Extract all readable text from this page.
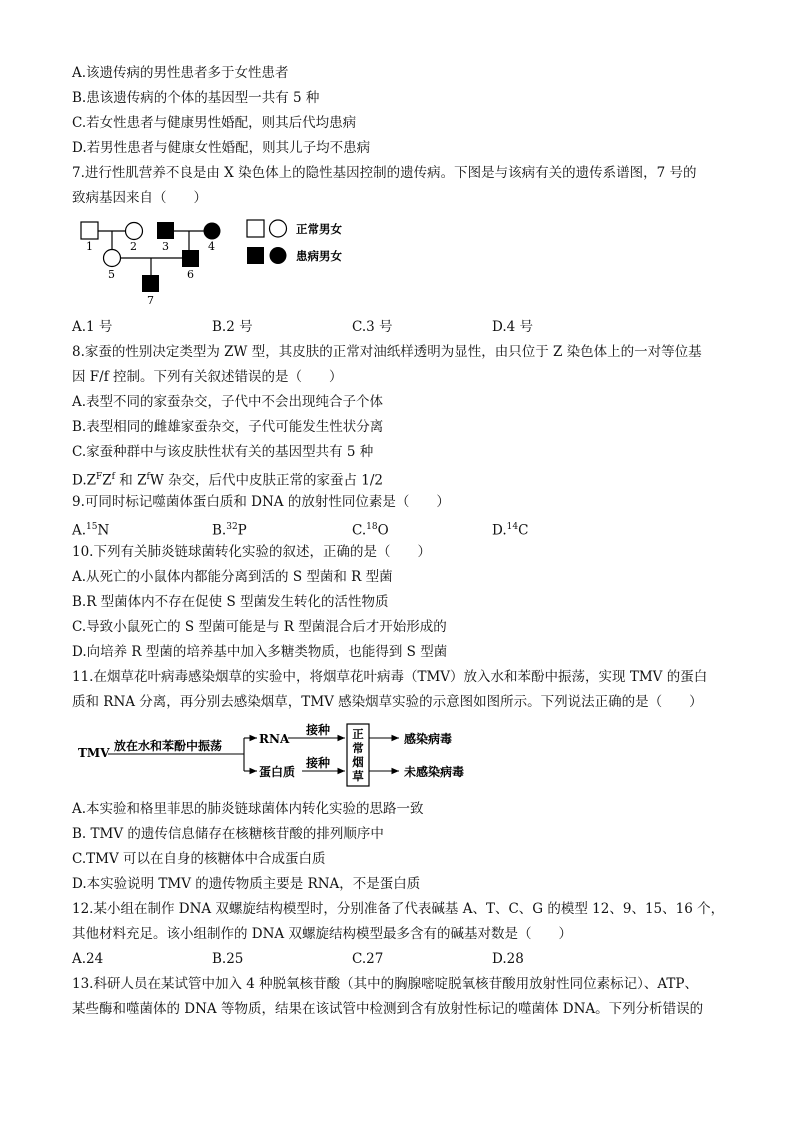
A.该遗传病的男性患者多于女性患者
B.患该遗传病的个体的基因型一共有 5 种
C.若女性患者与健康男性婚配，则其后代均患病
D.若男性患者与健康女性婚配，则其儿子均不患病
7.进行性肌营养不良是由 X 染色体上的隐性基因控制的遗传病。下图是与该病有关的遗传系谱图，7 号的
致病基因来自（　　）
1	2 3	4
5	6
7
正常男女
患病男女
A.1 号	B.2 号	C.3 号	D.4 号
8.家蚕的性别决定类型为 ZW 型，其皮肤的正常对油纸样透明为显性，由只位于 Z 染色体上的一对等位基
因 F/f 控制。下列有关叙述错误的是（　　）
A.表型不同的家蚕杂交，子代中不会出现纯合子个体
B.表型相同的雌雄家蚕杂交，子代可能发生性状分离
C.家蚕种群中与该皮肤性状有关的基因型共有 5 种
$D.Z^FZ^f$ 和 $Z^fW$ 杂交，后代中皮肤正常的家蚕占 1/2
9.可同时标记噬菌体蛋白质和 DNA 的放射性同位素是（　　）
A.$^{15}$N	B.$^{32}$P	C.$^{18}$O	D.$^{14}$C
10.下列有关肺炎链球菌转化实验的叙述，正确的是（　　）
A.从死亡的小鼠体内都能分离到活的 S 型菌和 R 型菌
B.R 型菌体内不存在促使 S 型菌发生转化的活性物质
C.导致小鼠死亡的 S 型菌可能是与 R 型菌混合后才开始形成的
D.向培养 R 型菌的培养基中加入多糖类物质，也能得到 S 型菌
11.在烟草花叶病毒感染烟草的实验中，将烟草花叶病毒（TMV）放入水和苯酚中振荡，实现 TMV 的蛋白
质和 RNA 分离，再分别去感染烟草，TMV 感染烟草实验的示意图如图所示。下列说法正确的是（　　）
TMV 放在水和苯酚中振荡	RNA
蛋白质
接种
接种
感染病毒
未感染病毒
正
常
烟
草
A.本实验和格里菲思的肺炎链球菌体内转化实验的思路一致
B. TMV 的遗传信息储存在核糖核苷酸的排列顺序中
C.TMV 可以在自身的核糖体中合成蛋白质
D.本实验说明 TMV 的遗传物质主要是 RNA，不是蛋白质
12.某小组在制作 DNA 双螺旋结构模型时，分别准备了代表碱基 A、T、C、G 的模型 12、9、15、16 个，
其他材料充足。该小组制作的 DNA 双螺旋结构模型最多含有的碱基对数是（　　）
A.24	B.25	C.27	D.28
13.科研人员在某试管中加入 4 种脱氧核苷酸（其中的胸腺嘧啶脱氧核苷酸用放射性同位素标记）、ATP、
某些酶和噬菌体的 DNA 等物质，结果在该试管中检测到含有放射性标记的噬菌体 DNA。下列分析错误的
